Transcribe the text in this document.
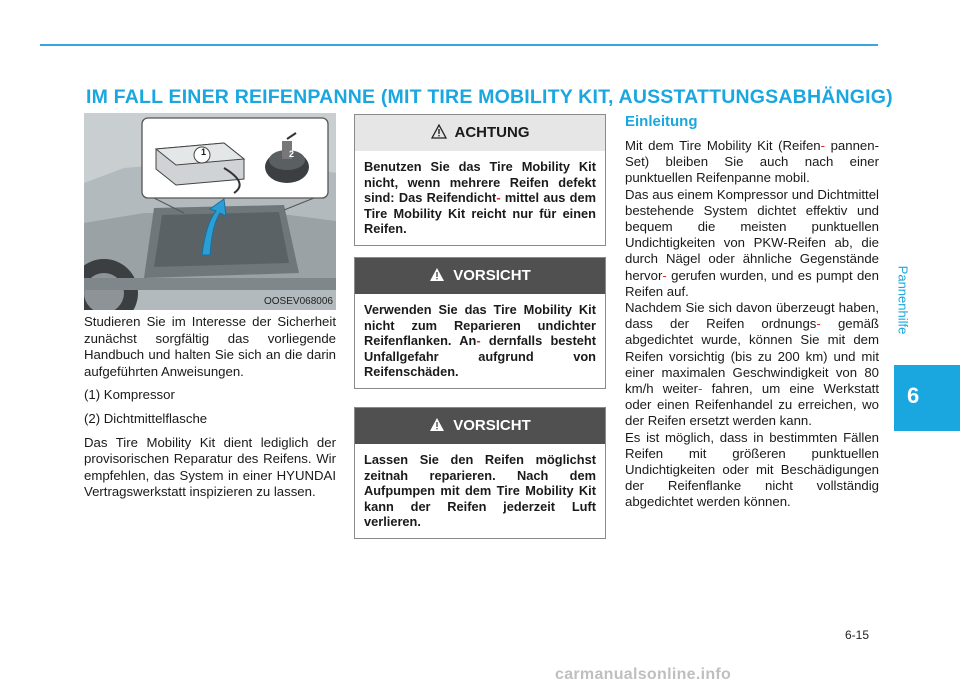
IM FALL EINER REIFENPANNE (MIT TIRE MOBILITY KIT, AUSSTATTUNGSABHÄNGIG)
Pannenhilfe
6
1	2
OOSEV068006

Studieren Sie im Interesse der Sicherheit zunächst sorgfältig das vorliegende Handbuch und halten Sie sich an die darin aufgeführten Anweisungen.

(1) Kompressor

(2) Dichtmittelflasche

Das Tire Mobility Kit dient lediglich der provisorischen Reparatur des Reifens. Wir empfehlen, das System in einer HYUNDAI Vertragswerkstatt inspizieren zu lassen.

ACHTUNG
Benutzen Sie das Tire Mobility Kit nicht, wenn mehrere Reifen defekt sind: Das Reifendicht- mittel aus dem Tire Mobility Kit reicht nur für einen Reifen.
VORSICHT
Verwenden Sie das Tire Mobility Kit nicht zum Reparieren undichter Reifenflanken. An- dernfalls besteht Unfallgefahr aufgrund von Reifenschäden.
VORSICHT
Lassen Sie den Reifen möglichst zeitnah reparieren. Nach dem Aufpumpen mit dem Tire Mobility Kit kann der Reifen jederzeit Luft verlieren.
Einleitung

Mit dem Tire Mobility Kit (Reifen- pannen-Set) bleiben Sie auch nach einer punktuellen Reifenpanne mobil.

Das aus einem Kompressor und Dichtmittel bestehende System dichtet effektiv und bequem die meisten punktuellen Undichtigkeiten von PKW-Reifen ab, die durch Nägel oder ähnliche Gegenstände hervor- gerufen wurden, und es pumpt den Reifen auf.

Nachdem Sie sich davon überzeugt haben, dass der Reifen ordnungs- gemäß abgedichtet wurde, können Sie mit dem Reifen vorsichtig (bis zu 200 km) und mit einer maximalen Geschwindigkeit von 80 km/h weiter- fahren, um eine Werkstatt oder einen Reifenhandel zu erreichen, wo der Reifen ersetzt werden kann.

Es ist möglich, dass in bestimmten Fällen Reifen mit größeren punktuellen Undichtigkeiten oder mit Beschädigungen der Reifenflanke nicht vollständig abgedichtet werden können.

6-15
carmanualsonline.info
